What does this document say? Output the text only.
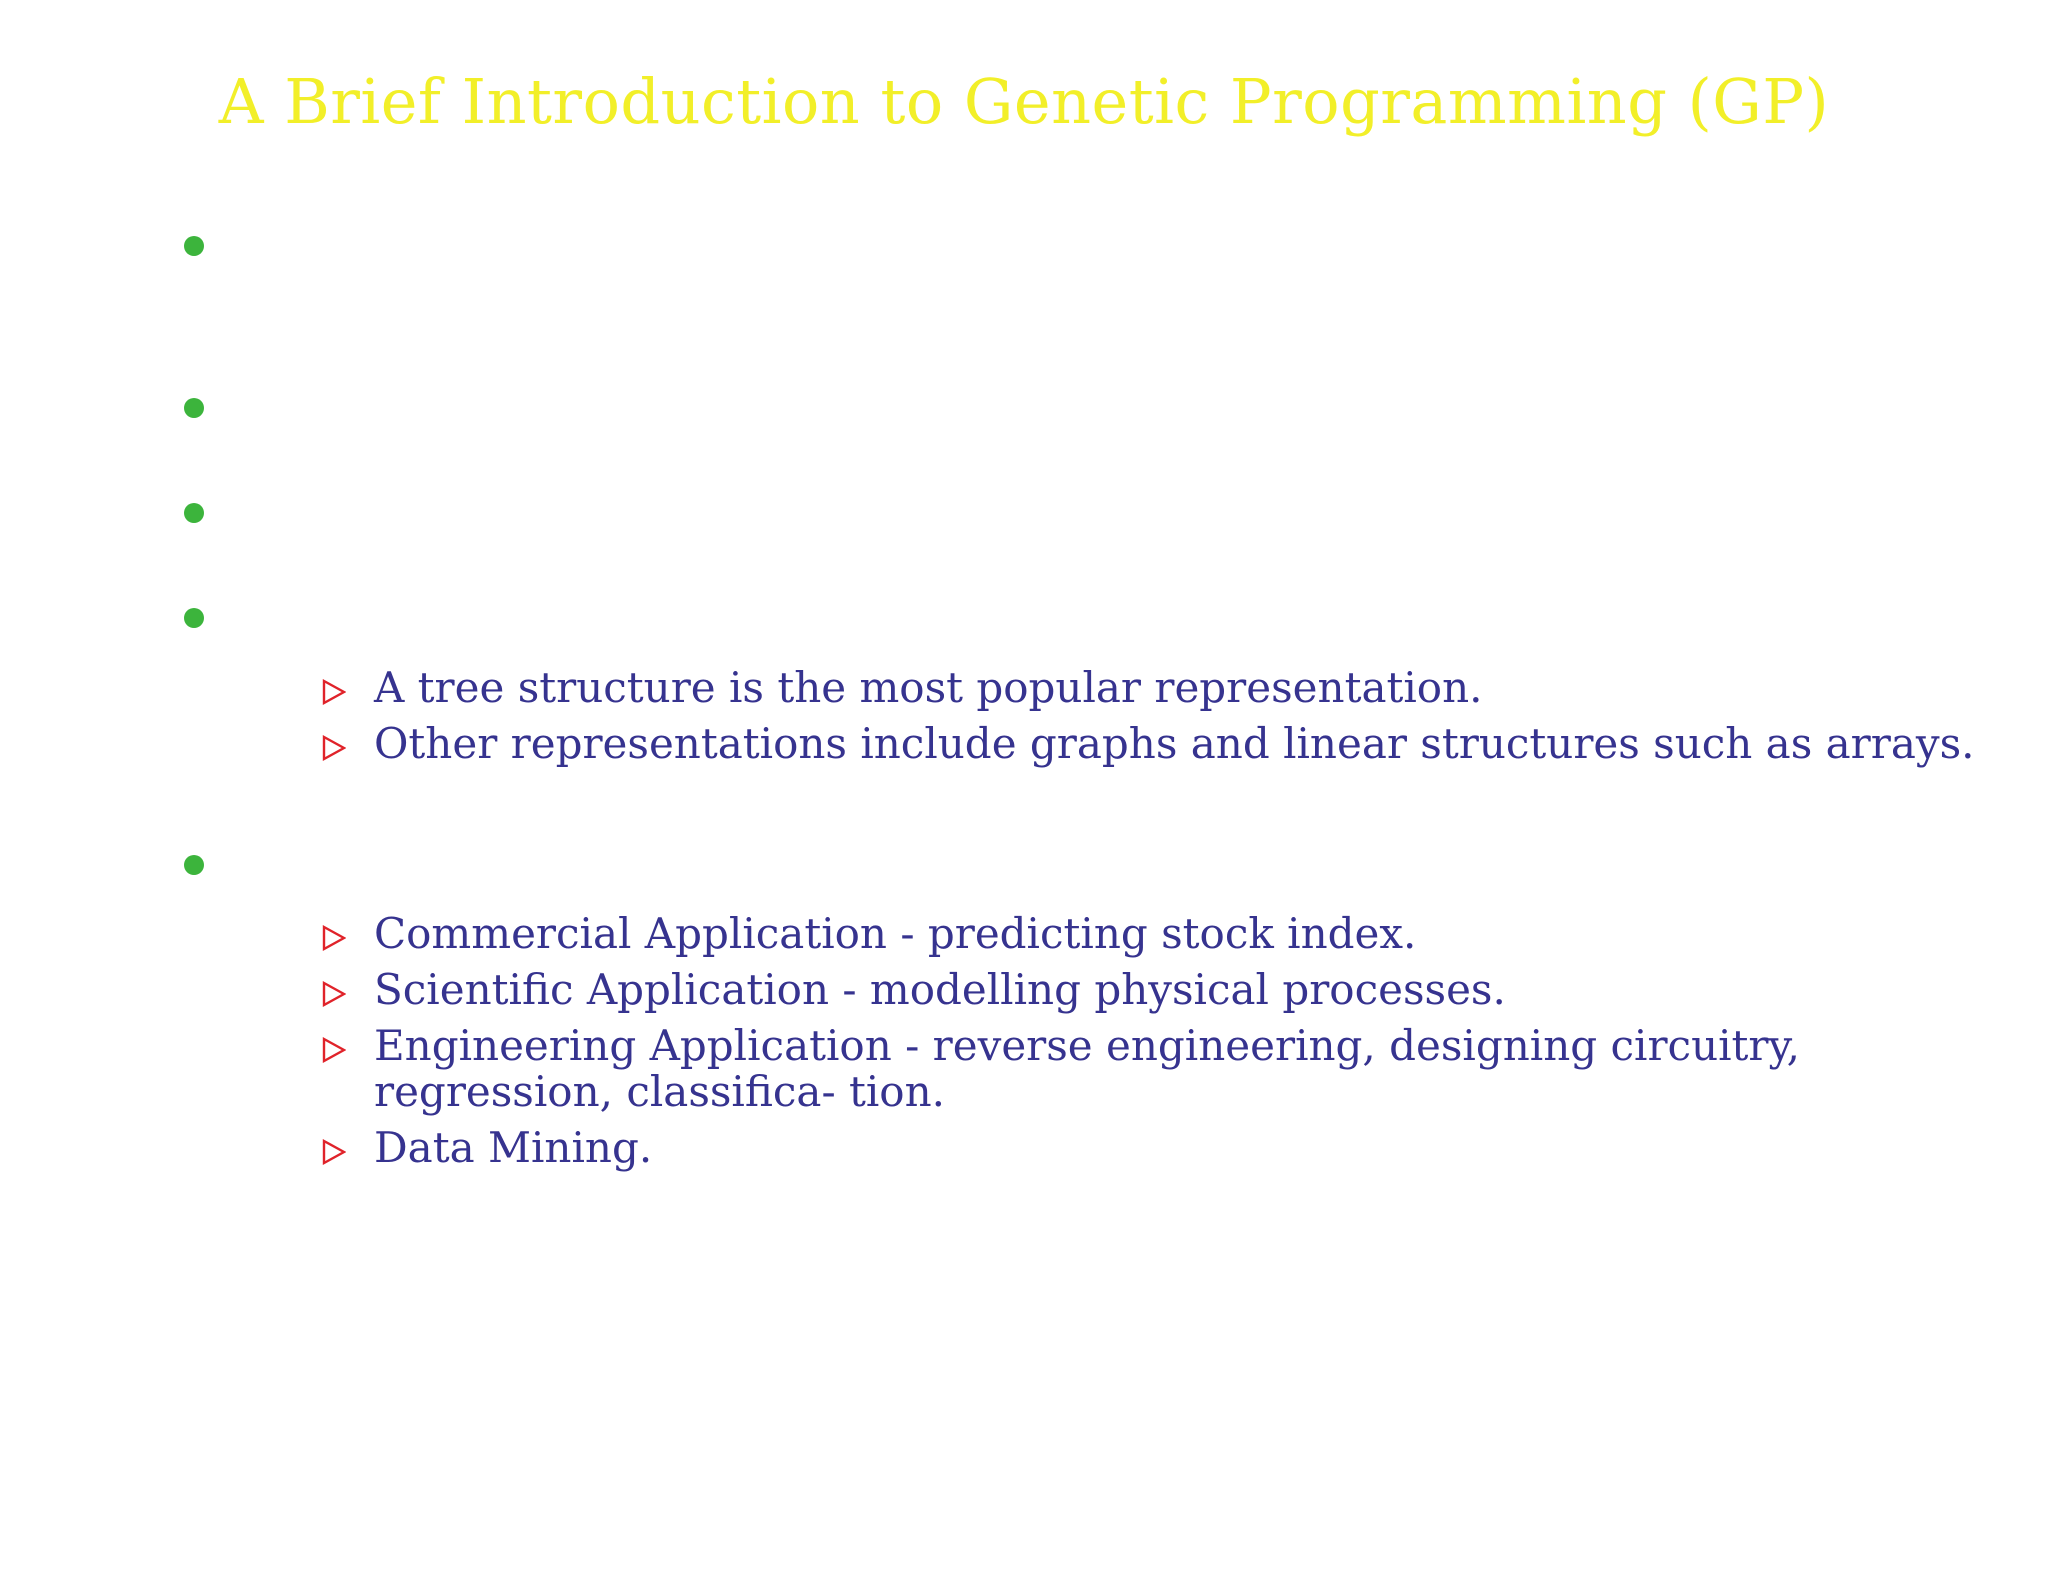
A Brief Introduction to Genetic Programming (GP)
A tree structure is the most popular representation.
Other representations include graphs and linear structures such as arrays.
Commercial Application - predicting stock index.
Scientific Application - modelling physical processes.
Engineering Application - reverse engineering, designing circuitry, regression, classifica- tion.
Data Mining.
